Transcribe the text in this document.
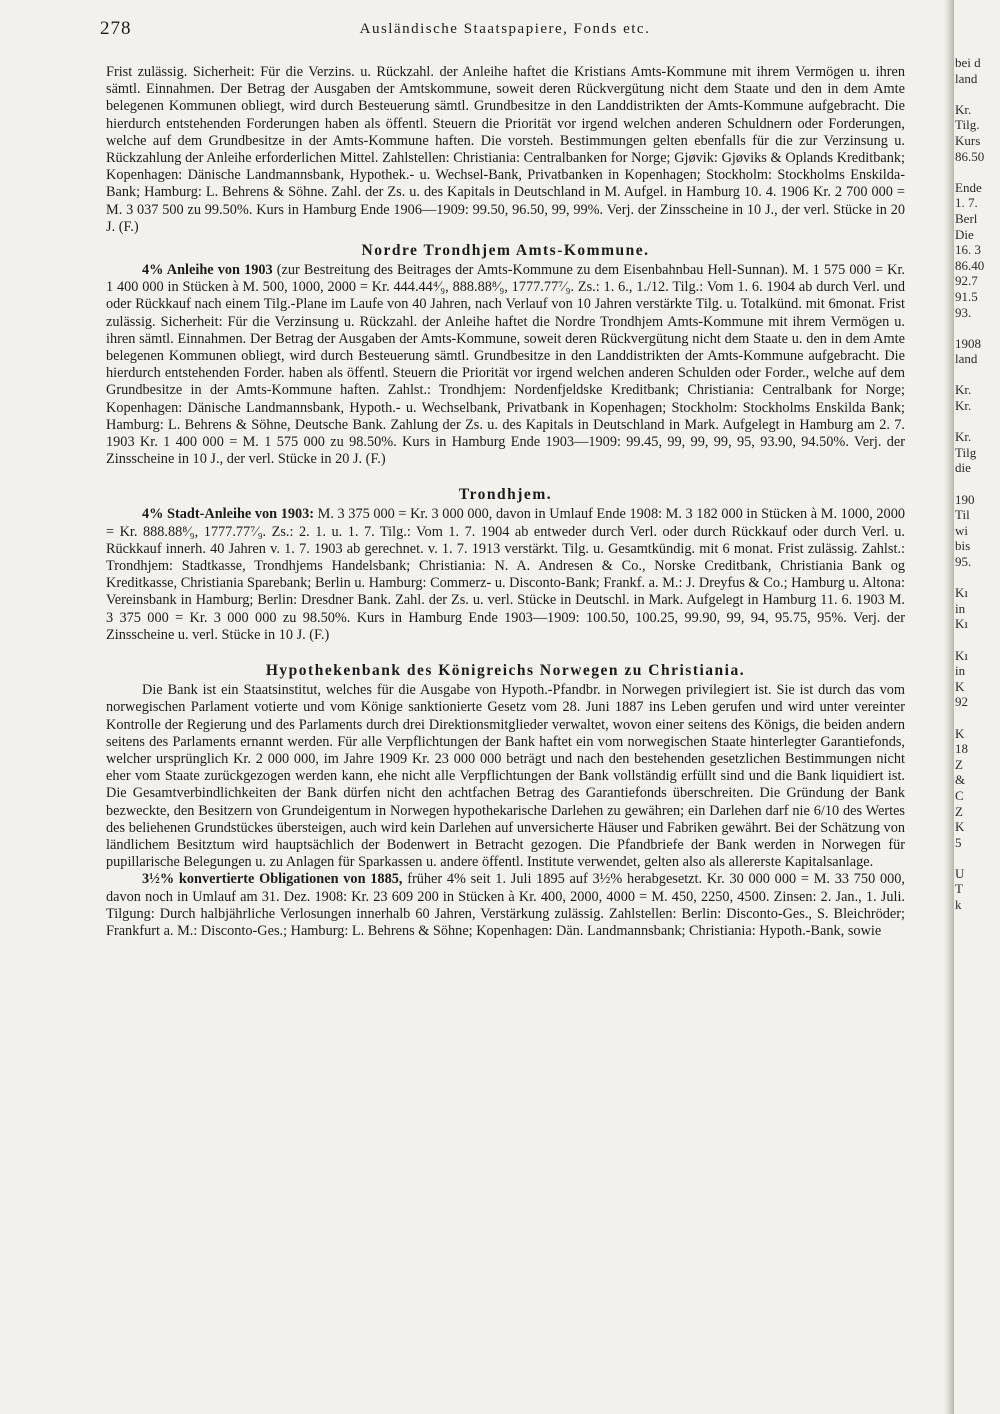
278	Ausländische Staatspapiere, Fonds etc.

Frist zulässig. Sicherheit: Für die Verzins. u. Rückzahl. der Anleihe haftet die Kristians Amts-Kommune mit ihrem Vermögen u. ihren sämtl. Einnahmen. Der Betrag der Ausgaben der Amtskommune, soweit deren Rückvergütung nicht dem Staate und den in dem Amte belegenen Kommunen obliegt, wird durch Besteuerung sämtl. Grundbesitze in den Landdistrikten der Amts-Kommune aufgebracht. Die hierdurch entstehenden Forderungen haben als öffentl. Steuern die Priorität vor irgend welchen anderen Schuldnern oder Forderungen, welche auf dem Grundbesitze in der Amts-Kommune haften. Die vorsteh. Bestimmungen gelten ebenfalls für die zur Verzinsung u. Rückzahlung der Anleihe erforderlichen Mittel. Zahlstellen: Christiania: Centralbanken for Norge; Gjøvik: Gjøviks & Oplands Kreditbank; Kopenhagen: Dänische Landmannsbank, Hypothek.- u. Wechsel-Bank, Privatbanken in Kopenhagen; Stockholm: Stockholms Enskilda-Bank; Hamburg: L. Behrens & Söhne. Zahl. der Zs. u. des Kapitals in Deutschland in M. Aufgel. in Hamburg 10. 4. 1906 Kr. 2 700 000 = M. 3 037 500 zu 99.50%. Kurs in Hamburg Ende 1906—1909: 99.50, 96.50, 99, 99%. Verj. der Zinsscheine in 10 J., der verl. Stücke in 20 J. (F.)

Nordre Trondhjem Amts-Kommune.

4% Anleihe von 1903 (zur Bestreitung des Beitrages der Amts-Kommune zu dem Eisenbahnbau Hell-Sunnan). M. 1 575 000 = Kr. 1 400 000 in Stücken à M. 500, 1000, 2000 = Kr. 444.44⁴⁄₉, 888.88⁸⁄₉, 1777.77⁷⁄₉. Zs.: 1. 6., 1./12. Tilg.: Vom 1. 6. 1904 ab durch Verl. und oder Rückkauf nach einem Tilg.-Plane im Laufe von 40 Jahren, nach Verlauf von 10 Jahren verstärkte Tilg. u. Totalkünd. mit 6monat. Frist zulässig. Sicherheit: Für die Verzinsung u. Rückzahl. der Anleihe haftet die Nordre Trondhjem Amts-Kommune mit ihrem Vermögen u. ihren sämtl. Einnahmen. Der Betrag der Ausgaben der Amts-Kommune, soweit deren Rückvergütung nicht dem Staate u. den in dem Amte belegenen Kommunen obliegt, wird durch Besteuerung sämtl. Grundbesitze in den Landdistrikten der Amts-Kommune aufgebracht. Die hierdurch entstehenden Forder. haben als öffentl. Steuern die Priorität vor irgend welchen anderen Schulden oder Forder., welche auf dem Grundbesitze in der Amts-Kommune haften. Zahlst.: Trondhjem: Nordenfjeldske Kreditbank; Christiania: Centralbank for Norge; Kopenhagen: Dänische Landmannsbank, Hypoth.- u. Wechselbank, Privatbank in Kopenhagen; Stockholm: Stockholms Enskilda Bank; Hamburg: L. Behrens & Söhne, Deutsche Bank. Zahlung der Zs. u. des Kapitals in Deutschland in Mark. Aufgelegt in Hamburg am 2. 7. 1903 Kr. 1 400 000 = M. 1 575 000 zu 98.50%. Kurs in Hamburg Ende 1903—1909: 99.45, 99, 99, 99, 95, 93.90, 94.50%. Verj. der Zinsscheine in 10 J., der verl. Stücke in 20 J. (F.)

Trondhjem.

4% Stadt-Anleihe von 1903: M. 3 375 000 = Kr. 3 000 000, davon in Umlauf Ende 1908: M. 3 182 000 in Stücken à M. 1000, 2000 = Kr. 888.88⁸⁄₉, 1777.77⁷⁄₉. Zs.: 2. 1. u. 1. 7. Tilg.: Vom 1. 7. 1904 ab entweder durch Verl. oder durch Rückkauf oder durch Verl. u. Rückkauf innerh. 40 Jahren v. 1. 7. 1903 ab gerechnet. v. 1. 7. 1913 verstärkt. Tilg. u. Gesamtkündig. mit 6 monat. Frist zulässig. Zahlst.: Trondhjem: Stadtkasse, Trondhjems Handelsbank; Christiania: N. A. Andresen & Co., Norske Creditbank, Christiania Bank og Kreditkasse, Christiania Sparebank; Berlin u. Hamburg: Commerz- u. Disconto-Bank; Frankf. a. M.: J. Dreyfus & Co.; Hamburg u. Altona: Vereinsbank in Hamburg; Berlin: Dresdner Bank. Zahl. der Zs. u. verl. Stücke in Deutschl. in Mark. Aufgelegt in Hamburg 11. 6. 1903 M. 3 375 000 = Kr. 3 000 000 zu 98.50%. Kurs in Hamburg Ende 1903—1909: 100.50, 100.25, 99.90, 99, 94, 95.75, 95%. Verj. der Zinsscheine u. verl. Stücke in 10 J. (F.)

Hypothekenbank des Königreichs Norwegen zu Christiania.

Die Bank ist ein Staatsinstitut, welches für die Ausgabe von Hypoth.-Pfandbr. in Norwegen privilegiert ist. Sie ist durch das vom norwegischen Parlament votierte und vom Könige sanktionierte Gesetz vom 28. Juni 1887 ins Leben gerufen und wird unter vereinter Kontrolle der Regierung und des Parlaments durch drei Direktionsmitglieder verwaltet, wovon einer seitens des Königs, die beiden andern seitens des Parlaments ernannt werden. Für alle Verpflichtungen der Bank haftet ein vom norwegischen Staate hinterlegter Garantiefonds, welcher ursprünglich Kr. 2 000 000, im Jahre 1909 Kr. 23 000 000 beträgt und nach den bestehenden gesetzlichen Bestimmungen nicht eher vom Staate zurückgezogen werden kann, ehe nicht alle Verpflichtungen der Bank vollständig erfüllt sind und die Bank liquidiert ist. Die Gesamtverbindlichkeiten der Bank dürfen nicht den achtfachen Betrag des Garantiefonds überschreiten. Die Gründung der Bank bezweckte, den Besitzern von Grundeigentum in Norwegen hypothekarische Darlehen zu gewähren; ein Darlehen darf nie 6/10 des Wertes des beliehenen Grundstückes übersteigen, auch wird kein Darlehen auf unversicherte Häuser und Fabriken gewährt. Bei der Schätzung von ländlichem Besitztum wird hauptsächlich der Bodenwert in Betracht gezogen. Die Pfandbriefe der Bank werden in Norwegen für pupillarische Belegungen u. zu Anlagen für Sparkassen u. andere öffentl. Institute verwendet, gelten also als allererste Kapitalsanlage.

3½% konvertierte Obligationen von 1885, früher 4% seit 1. Juli 1895 auf 3½% herabgesetzt. Kr. 30 000 000 = M. 33 750 000, davon noch in Umlauf am 31. Dez. 1908: Kr. 23 609 200 in Stücken à Kr. 400, 2000, 4000 = M. 450, 2250, 4500. Zinsen: 2. Jan., 1. Juli. Tilgung: Durch halbjährliche Verlosungen innerhalb 60 Jahren, Verstärkung zulässig. Zahlstellen: Berlin: Disconto-Ges., S. Bleichröder; Frankfurt a. M.: Disconto-Ges.; Hamburg: L. Behrens & Söhne; Kopenhagen: Dän. Landmannsbank; Christiania: Hypoth.-Bank, sowie

bei d
land
Kr.
Tilg.
Kurs
86.50
Ende
1. 7.
Berl
Die
16. 3
86.40
92.7
91.5
93.
1908
land
Kr.
Kr.
Kr.
Tilg
die
190
Til
wi
bis
95.
Kı
in
Kı
Kı
in
K
92
K
18
Z
&
C
Z
K
5
U
T
k
